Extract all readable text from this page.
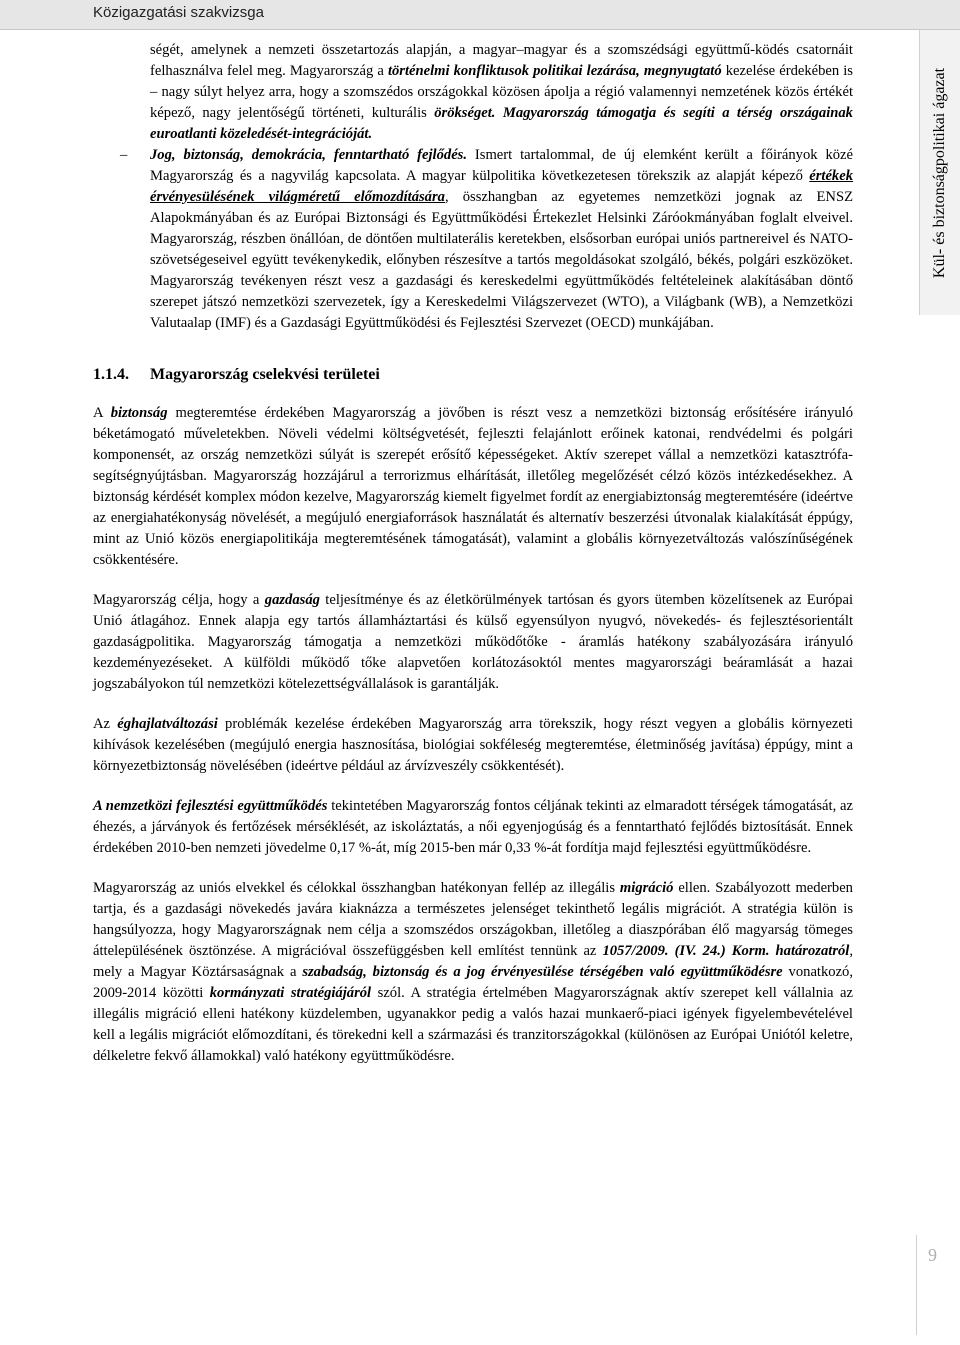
Közigazgatási szakvizsga
Kül- és biztonságpolitikai ágazat
9

ségét, amelynek a nemzeti összetartozás alapján, a magyar–magyar és a szomszédsági együttmű-ködés csatornáit felhasználva felel meg. Magyarország a történelmi konfliktusok politikai lezárása, megnyugtató kezelése érdekében is – nagy súlyt helyez arra, hogy a szomszédos országokkal közösen ápolja a régió valamennyi nemzetének közös értékét képező, nagy jelentőségű történeti, kulturális örökséget. Magyarország támogatja és segíti a térség országainak euroatlanti közeledését-integrációját.

– Jog, biztonság, demokrácia, fenntartható fejlődés. Ismert tartalommal, de új elemként került a főirányok közé Magyarország és a nagyvilág kapcsolata. A magyar külpolitika következetesen törekszik az alapját képező értékek érvényesülésének világméretű előmozdítására, összhangban az egyetemes nemzetközi jognak az ENSZ Alapokmányában és az Európai Biztonsági és Együttműködési Értekezlet Helsinki Záróokmányában foglalt elveivel. Magyarország, részben önállóan, de döntően multilaterális keretekben, elsősorban európai uniós partnereivel és NATO-szövetségeseivel együtt tevékenykedik, előnyben részesítve a tartós megoldásokat szolgáló, békés, polgári eszközöket. Magyarország tevékenyen részt vesz a gazdasági és kereskedelmi együttműködés feltételeinek alakításában döntő szerepet játszó nemzetközi szervezetek, így a Kereskedelmi Világszervezet (WTO), a Világbank (WB), a Nemzetközi Valutaalap (IMF) és a Gazdasági Együttműködési és Fejlesztési Szervezet (OECD) munkájában.

1.1.4. Magyarország cselekvési területei

A biztonság megteremtése érdekében Magyarország a jövőben is részt vesz a nemzetközi biztonság erősítésére irányuló béketámogató műveletekben. Növeli védelmi költségvetését, fejleszti felajánlott erőinek katonai, rendvédelmi és polgári komponensét, az ország nemzetközi súlyát is szerepét erősítő képességeket. Aktív szerepet vállal a nemzetközi katasztrófa-segítségnyújtásban. Magyarország hozzájárul a terrorizmus elhárítását, illetőleg megelőzését célzó közös intézkedésekhez. A biztonság kérdését komplex módon kezelve, Magyarország kiemelt figyelmet fordít az energiabiztonság megteremtésére (ideértve az energiahatékonyság növelését, a megújuló energiaforrások használatát és alternatív beszerzési útvonalak kialakítását éppúgy, mint az Unió közös energiapolitikája megteremtésének támogatását), valamint a globális környezetváltozás valószínűségének csökkentésére.

Magyarország célja, hogy a gazdaság teljesítménye és az életkörülmények tartósan és gyors ütemben közelítsenek az Európai Unió átlagához. Ennek alapja egy tartós államháztartási és külső egyensúlyon nyugvó, növekedés- és fejlesztésorientált gazdaságpolitika. Magyarország támogatja a nemzetközi működőtőke - áramlás hatékony szabályozására irányuló kezdeményezéseket. A külföldi működő tőke alapvetően korlátozásoktól mentes magyarországi beáramlását a hazai jogszabályokon túl nemzetközi kötelezettségvállalások is garantálják.

Az éghajlatváltozási problémák kezelése érdekében Magyarország arra törekszik, hogy részt vegyen a globális környezeti kihívások kezelésében (megújuló energia hasznosítása, biológiai sokféleség megteremtése, életminőség javítása) éppúgy, mint a környezetbiztonság növelésében (ideértve például az árvízveszély csökkentését).

A nemzetközi fejlesztési együttműködés tekintetében Magyarország fontos céljának tekinti az elmaradott térségek támogatását, az éhezés, a járványok és fertőzések mérséklését, az iskoláztatás, a női egyenjogúság és a fenntartható fejlődés biztosítását. Ennek érdekében 2010-ben nemzeti jövedelme 0,17 %-át, míg 2015-ben már 0,33 %-át fordítja majd fejlesztési együttműködésre.

Magyarország az uniós elvekkel és célokkal összhangban hatékonyan fellép az illegális migráció ellen. Szabályozott mederben tartja, és a gazdasági növekedés javára kiaknázza a természetes jelenséget tekinthető legális migrációt. A stratégia külön is hangsúlyozza, hogy Magyarországnak nem célja a szomszédos országokban, illetőleg a diaszpórában élő magyarság tömeges áttelepülésének ösztönzése. A migrációval összefüggésben kell említést tennünk az 1057/2009. (IV. 24.) Korm. határozatról, mely a Magyar Köztársaságnak a szabadság, biztonság és a jog érvényesülése térségében való együttműködésre vonatkozó, 2009-2014 közötti kormányzati stratégiájáról szól. A stratégia értelmében Magyarországnak aktív szerepet kell vállalnia az illegális migráció elleni hatékony küzdelemben, ugyanakkor pedig a valós hazai munkaerő-piaci igények figyelembevételével kell a legális migrációt előmozdítani, és törekedni kell a származási és tranzitországokkal (különösen az Európai Uniótól keletre, délkeletre fekvő államokkal) való hatékony együttműködésre.
